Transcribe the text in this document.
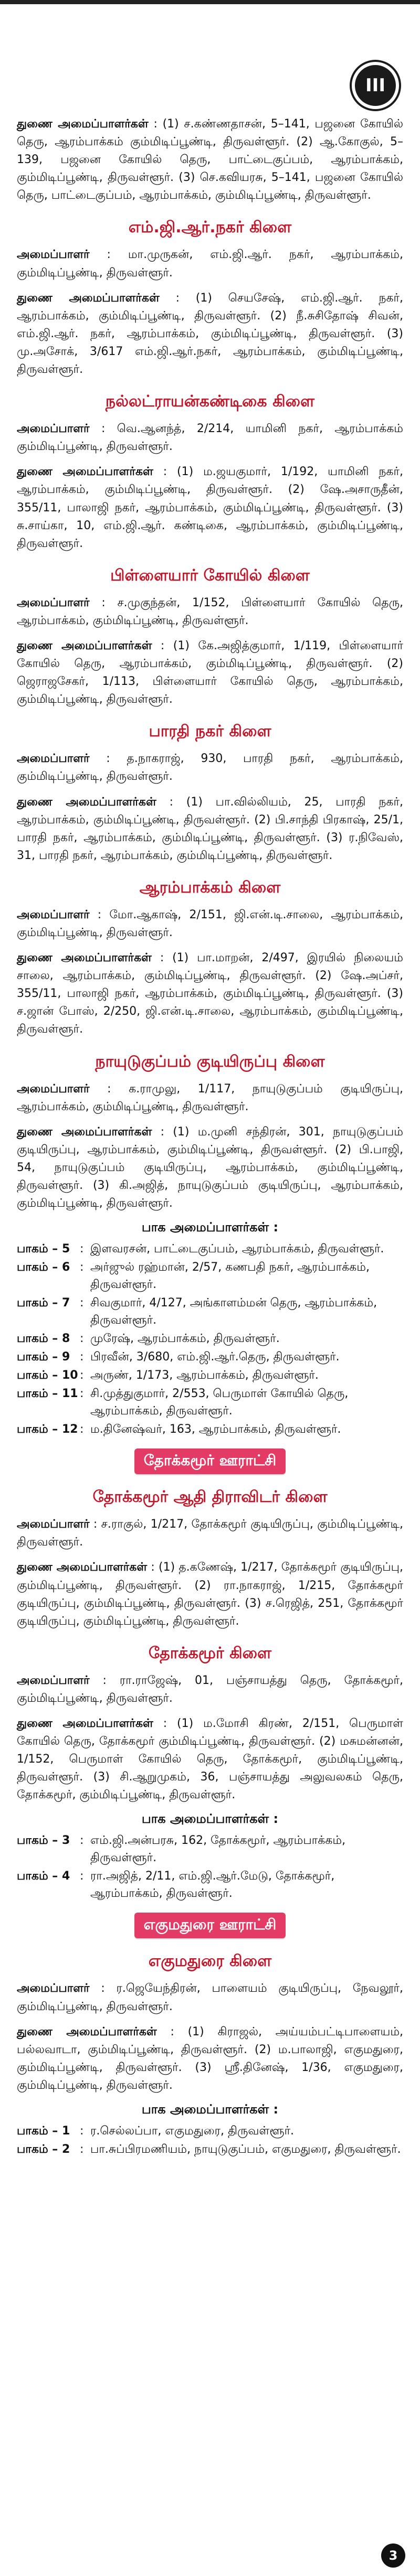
III

துணை அமைப்பாளர்கள் : (1) ச.கண்ணதாசன், 5–141, பஜனை கோயில் தெரு, ஆரம்பாக்கம் கும்மிடிப்பூண்டி, திருவள்ளூர். (2) ஆ.கோகுல், 5–139, பஜனை கோயில் தெரு, பாட்டைகுப்பம், ஆரம்பாக்கம், கும்மிடிப்பூண்டி, திருவள்ளூர். (3) செ.கவியரசு, 5–141, பஜனை கோயில் தெரு, பாட்டைகுப்பம், ஆரம்பாக்கம், கும்மிடிப்பூண்டி, திருவள்ளூர்.

எம்.ஜி.ஆர்.நகர் கிளை

அமைப்பாளர் : மா.முருகன், எம்.ஜி.ஆர். நகர், ஆரம்பாக்கம், கும்மிடிப்பூண்டி, திருவள்ளூர்.

துணை அமைப்பாளர்கள் : (1) செயசேஷ், எம்.ஜி.ஆர். நகர், ஆரம்பாக்கம், கும்மிடிப்பூண்டி, திருவள்ளூர். (2) நீ.சுசிதோஷ் சிவன், எம்.ஜி.ஆர். நகர், ஆரம்பாக்கம், கும்மிடிப்பூண்டி, திருவள்ளூர். (3) மு.அசோக், 3/617 எம்.ஜி.ஆர்.நகர், ஆரம்பாக்கம், கும்மிடிப்பூண்டி, திருவள்ளூர்.

நல்லட்ராயன்கண்டிகை கிளை

அமைப்பாளர் : வெ.ஆனந்த், 2/214, யாமினி நகர், ஆரம்பாக்கம் கும்மிடிப்பூண்டி, திருவள்ளூர்.

துணை அமைப்பாளர்கள் : (1) ம.ஜயகுமார், 1/192, யாமினி நகர், ஆரம்பாக்கம், கும்மிடிப்பூண்டி, திருவள்ளூர். (2) ஷே.அசாருதீன், 355/11, பாலாஜி நகர், ஆரம்பாக்கம், கும்மிடிப்பூண்டி, திருவள்ளூர். (3) சு.சாய்கா, 10, எம்.ஜி.ஆர். கண்டிகை, ஆரம்பாக்கம், கும்மிடிப்பூண்டி, திருவள்ளூர்.

பிள்ளையார் கோயில் கிளை

அமைப்பாளர் : ச.முகுந்தன், 1/152, பிள்ளையார் கோயில் தெரு, ஆரம்பாக்கம், கும்மிடிப்பூண்டி, திருவள்ளூர்.

துணை அமைப்பாளர்கள் : (1) கே.அஜித்குமார், 1/119, பிள்ளையார் கோயில் தெரு, ஆரம்பாக்கம், கும்மிடிப்பூண்டி, திருவள்ளூர். (2) ஜெராஜசேகர், 1/113, பிள்ளையார் கோயில் தெரு, ஆரம்பாக்கம், கும்மிடிப்பூண்டி, திருவள்ளூர்.

பாரதி நகர் கிளை

அமைப்பாளர் : த.நாகராஜ், 930, பாரதி நகர், ஆரம்பாக்கம், கும்மிடிப்பூண்டி, திருவள்ளூர்.

துணை அமைப்பாளர்கள் : (1) பா.வில்லியம், 25, பாரதி நகர், ஆரம்பாக்கம், கும்மிடிப்பூண்டி, திருவள்ளூர். (2) பி.சாந்தி பிரகாஷ், 25/1, பாரதி நகர், ஆரம்பாக்கம், கும்மிடிப்பூண்டி, திருவள்ளூர். (3) ர.நிவேஸ், 31, பாரதி நகர், ஆரம்பாக்கம், கும்மிடிப்பூண்டி, திருவள்ளூர்.

ஆரம்பாக்கம் கிளை

அமைப்பாளர் : மோ.ஆகாஷ், 2/151, ஜி.என்.டி.சாலை, ஆரம்பாக்கம், கும்மிடிப்பூண்டி, திருவள்ளூர்.

துணை அமைப்பாளர்கள் : (1) பா.மாறன், 2/497, இரயில் நிலையம் சாலை, ஆரம்பாக்கம், கும்மிடிப்பூண்டி, திருவள்ளூர். (2) ஷே.அப்சர், 355/11, பாலாஜி நகர், ஆரம்பாக்கம், கும்மிடிப்பூண்டி, திருவள்ளூர். (3) ச.ஜான் போஸ், 2/250, ஜி.என்.டி.சாலை, ஆரம்பாக்கம், கும்மிடிப்பூண்டி, திருவள்ளூர்.

நாயுடுகுப்பம் குடியிருப்பு கிளை

அமைப்பாளர் : க.ராமுலு, 1/117, நாயுடுகுப்பம் குடியிருப்பு, ஆரம்பாக்கம், கும்மிடிப்பூண்டி, திருவள்ளூர்.

துணை அமைப்பாளர்கள் : (1) ம.முனி சந்திரன், 301, நாயுடுகுப்பம் குடியிருப்பு, ஆரம்பாக்கம், கும்மிடிப்பூண்டி, திருவள்ளூர். (2) பி.பாஜி, 54, நாயுடுகுப்பம் குடியிருப்பு, ஆரம்பாக்கம், கும்மிடிப்பூண்டி, திருவள்ளூர். (3) கி.அஜித், நாயுடுகுப்பம் குடியிருப்பு, ஆரம்பாக்கம், கும்மிடிப்பூண்டி, திருவள்ளூர்.

பாக அமைப்பாளர்கள் :
பாகம் – 5 : இளவரசன், பாட்டைகுப்பம், ஆரம்பாக்கம், திருவள்ளூர்.
பாகம் – 6 : அர்ஜுல் ரஹ்மான், 2/57, கணபதி நகர், ஆரம்பாக்கம், திருவள்ளூர்.
பாகம் – 7 : சிவகுமார், 4/127, அங்காளம்மன் தெரு, ஆரம்பாக்கம், திருவள்ளூர்.
பாகம் – 8 : முரேஷ், ஆரம்பாக்கம், திருவள்ளூர்.
பாகம் – 9 : பிரவீன், 3/680, எம்.ஜி.ஆர்.தெரு, திருவள்ளூர்.
பாகம் – 10 : அருண், 1/173, ஆரம்பாக்கம், திருவள்ளூர்.
பாகம் – 11 : சி.முத்துகுமார், 2/553, பெருமாள் கோயில் தெரு, ஆரம்பாக்கம், திருவள்ளூர்.
பாகம் – 12 : ம.தினேஷ்வர், 163, ஆரம்பாக்கம், திருவள்ளூர்.
தோக்கமூர் ஊராட்சி
தோக்கமூர் ஆதி திராவிடர் கிளை

அமைப்பாளர் : ச.ராகுல், 1/217, தோக்கமூர் குடியிருப்பு, கும்மிடிப்பூண்டி, திருவள்ளூர்.

துணை அமைப்பாளர்கள் : (1) த.கணேஷ், 1/217, தோக்கமூர் குடியிருப்பு, கும்மிடிப்பூண்டி, திருவள்ளூர். (2) ரா.நாகராஜ், 1/215, தோக்கமூர் குடியிருப்பு, கும்மிடிப்பூண்டி, திருவள்ளூர். (3) ச.ரெஜித், 251, தோக்கமூர் குடியிருப்பு, கும்மிடிப்பூண்டி, திருவள்ளூர்.

தோக்கமூர் கிளை

அமைப்பாளர் : ரா.ராஜேஷ், 01, பஞ்சாயத்து தெரு, தோக்கமூர், கும்மிடிப்பூண்டி, திருவள்ளூர்.

துணை அமைப்பாளர்கள் : (1) ம.மோசி கிரண், 2/151, பெருமாள் கோயில் தெரு, தோக்கமூர் கும்மிடிப்பூண்டி, திருவள்ளூர். (2) மசுமன்னன், 1/152, பெருமாள் கோயில் தெரு, தோக்கமூர், கும்மிடிப்பூண்டி, திருவள்ளூர். (3) சி.ஆறுமுகம், 36, பஞ்சாயத்து அலுவலகம் தெரு, தோக்கமூர், கும்மிடிப்பூண்டி, திருவள்ளூர்.

பாக அமைப்பாளர்கள் :
பாகம் – 3 : எம்.ஜி.அன்பரசு, 162, தோக்கமூர், ஆரம்பாக்கம், திருவள்ளூர்.
பாகம் – 4 : ரா.அஜித், 2/11, எம்.ஜி.ஆர்.மேடு, தோக்கமூர், ஆரம்பாக்கம், திருவள்ளூர்.
எகுமதுரை ஊராட்சி
எகுமதுரை கிளை

அமைப்பாளர் : ர.ஜெயேந்திரன், பாளையம் குடியிருப்பு, நேவலூர், கும்மிடிப்பூண்டி, திருவள்ளூர்.

துணை அமைப்பாளர்கள் : (1) கிராஜல், அய்யம்பட்டிபாளையம், பல்லவாடா, கும்மிடிப்பூண்டி, திருவள்ளூர். (2) ம.பாலாஜி, எகுமதுரை, கும்மிடிப்பூண்டி, திருவள்ளூர். (3) ஸ்ரீ.தினேஷ், 1/36, எகுமதுரை, கும்மிடிப்பூண்டி, திருவள்ளூர்.

பாக அமைப்பாளர்கள் :
பாகம் – 1 : ர.செல்லப்பா, எகுமதுரை, திருவள்ளூர்.
பாகம் – 2 : பா.சுப்பிரமணியம், நாயுடுகுப்பம், எகுமதுரை, திருவள்ளூர்.
3
